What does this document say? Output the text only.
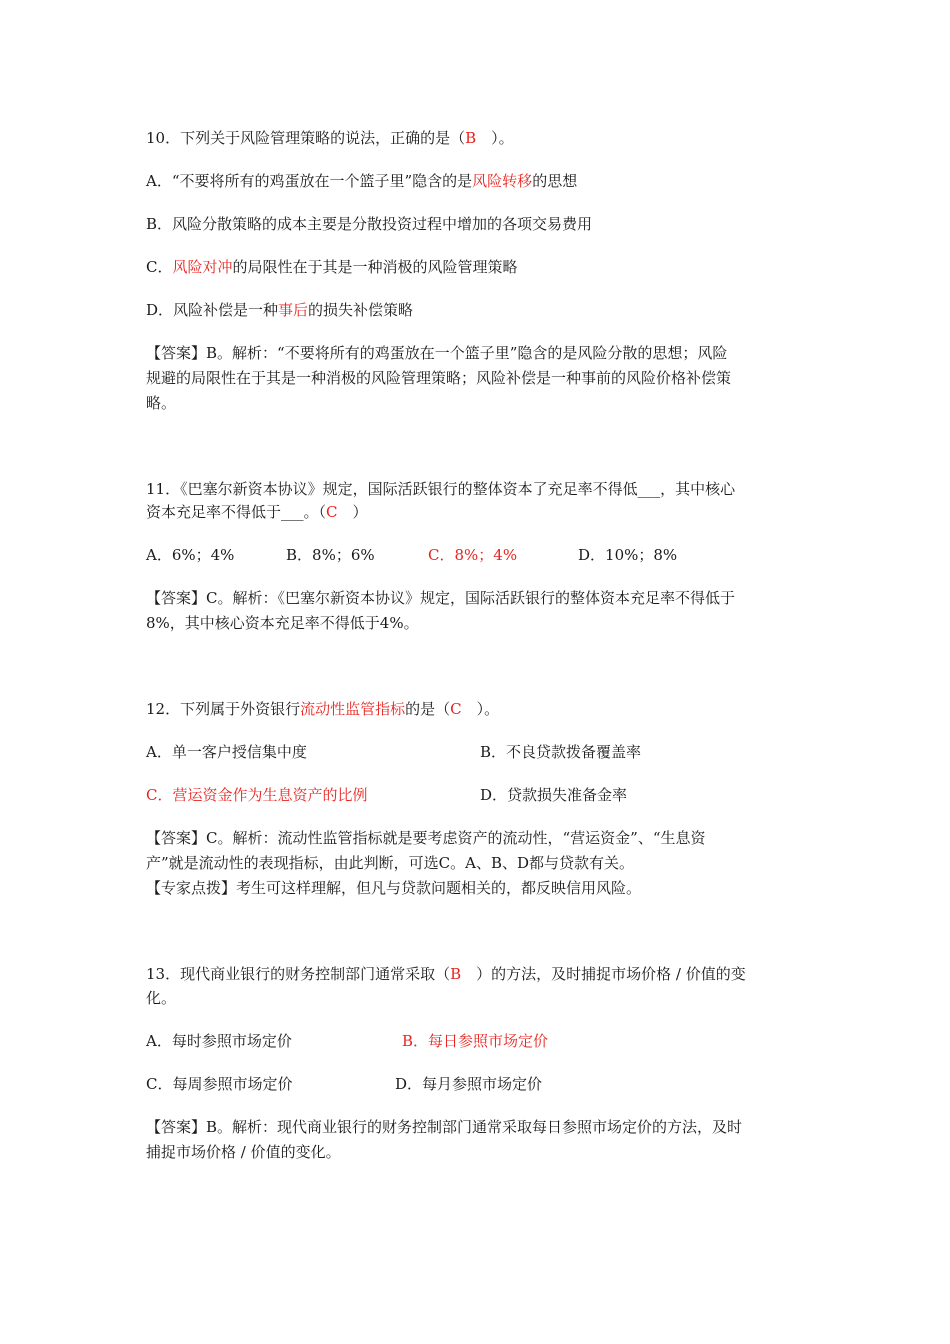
10．下列关于风险管理策略的说法，正确的是（B　）。
A．“不要将所有的鸡蛋放在一个篮子里”隐含的是风险转移的思想
B．风险分散策略的成本主要是分散投资过程中增加的各项交易费用
C．风险对冲的局限性在于其是一种消极的风险管理策略
D．风险补偿是一种事后的损失补偿策略
【答案】B。解析：“不要将所有的鸡蛋放在一个篮子里”隐含的是风险分散的思想；风险
规避的局限性在于其是一种消极的风险管理策略；风险补偿是一种事前的风险价格补偿策
略。
11．《巴塞尔新资本协议》规定，国际活跃银行的整体资本了充足率不得低___，其中核心
资本充足率不得低于___。（C　）
A．6%；4%	B．8%；6%	C．8%；4%	D．10%；8%
【答案】C。解析：《巴塞尔新资本协议》规定，国际活跃银行的整体资本充足率不得低于
8%，其中核心资本充足率不得低于4%。
12．下列属于外资银行流动性监管指标的是（C　）。
A．单一客户授信集中度	B．不良贷款拨备覆盖率
C．营运资金作为生息资产的比例	D．贷款损失准备金率
【答案】C。解析：流动性监管指标就是要考虑资产的流动性，“营运资金”、“生息资
产”就是流动性的表现指标，由此判断，可选C。A、B、D都与贷款有关。
【专家点拨】考生可这样理解，但凡与贷款问题相关的，都反映信用风险。
13．现代商业银行的财务控制部门通常采取（B　）的方法，及时捕捉市场价格 / 价值的变
化。
A．每时参照市场定价	B．每日参照市场定价
C．每周参照市场定价	D．每月参照市场定价
【答案】B。解析：现代商业银行的财务控制部门通常采取每日参照市场定价的方法，及时
捕捉市场价格 / 价值的变化。
